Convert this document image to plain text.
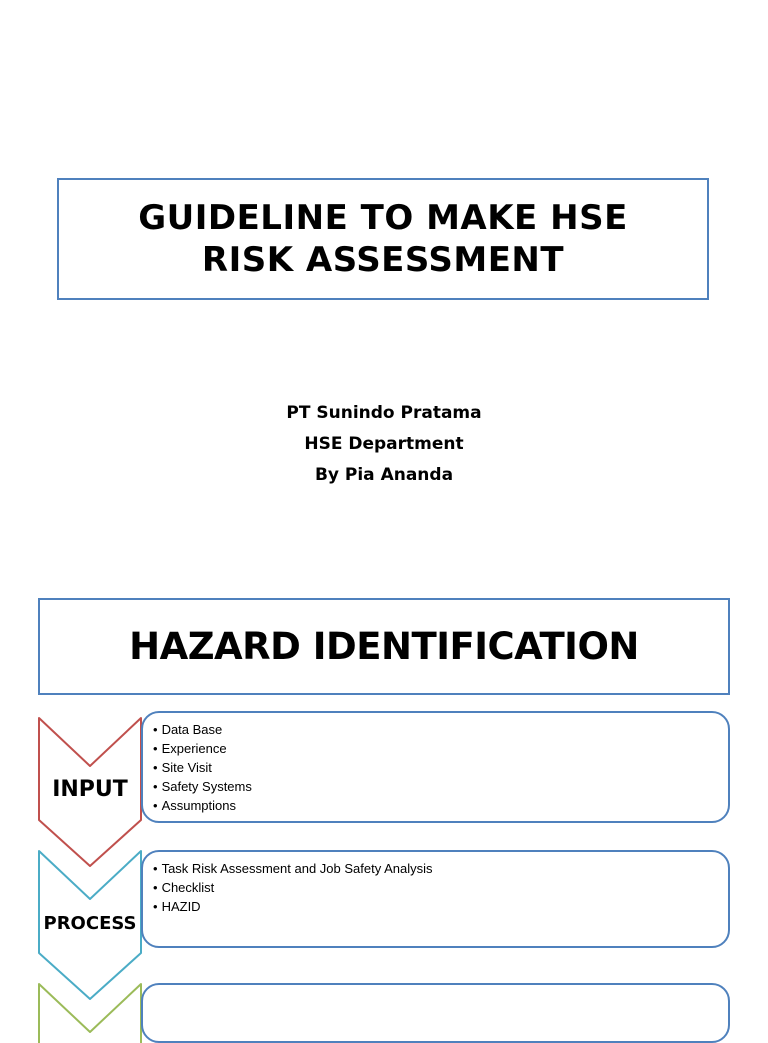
GUIDELINE TO MAKE HSE
RISK ASSESSMENT
PT Sunindo Pratama
HSE Department
By Pia Ananda
HAZARD IDENTIFICATION
INPUT
• Data Base
• Experience
• Site Visit
• Safety Systems
• Assumptions
PROCESS
• Task Risk Assessment and Job Safety Analysis
• Checklist
• HAZID
